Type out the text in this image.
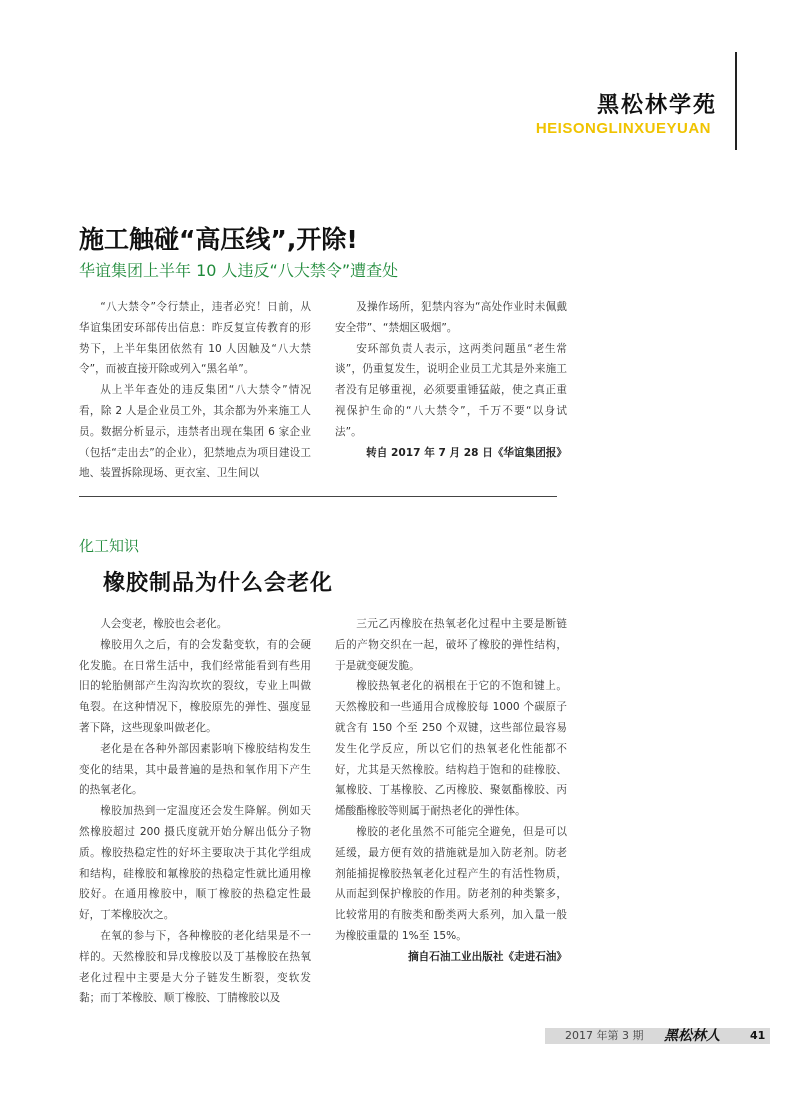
黑松林学苑
HEISONGLINXUEYUAN
施工触碰“高压线”,开除!
华谊集团上半年 10 人违反“八大禁令”遭查处

“八大禁令”令行禁止，违者必究！日前，从华谊集团安环部传出信息：昨反复宣传教育的形势下，上半年集团依然有 10 人因触及“八大禁令”，而被直接开除或列入“黑名单”。

从上半年查处的违反集团“八大禁令”情况看，除 2 人是企业员工外，其余都为外来施工人员。数据分析显示，违禁者出现在集团 6 家企业（包括“走出去”的企业），犯禁地点为项目建设工地、装置拆除现场、更衣室、卫生间以

及操作场所，犯禁内容为“高处作业时未佩戴安全带”、“禁烟区吸烟”。

安环部负责人表示，这两类问题虽“老生常谈”，仍重复发生，说明企业员工尤其是外来施工者没有足够重视，必须要重锤猛敲，使之真正重视保护生命的“八大禁令”，千万不要“以身试法”。

转自 2017 年 7 月 28 日《华谊集团报》

化工知识
橡胶制品为什么会老化

人会变老，橡胶也会老化。

橡胶用久之后，有的会发黏变软，有的会硬化发脆。在日常生活中，我们经常能看到有些用旧的轮胎侧部产生沟沟坎坎的裂纹，专业上叫做龟裂。在这种情况下，橡胶原先的弹性、强度显著下降，这些现象叫做老化。

老化是在各种外部因素影响下橡胶结构发生变化的结果，其中最普遍的是热和氧作用下产生的热氧老化。

橡胶加热到一定温度还会发生降解。例如天然橡胶超过 200 摄氏度就开始分解出低分子物质。橡胶热稳定性的好坏主要取决于其化学组成和结构，硅橡胶和氟橡胶的热稳定性就比通用橡胶好。在通用橡胶中，顺丁橡胶的热稳定性最好，丁苯橡胶次之。

在氧的参与下，各种橡胶的老化结果是不一样的。天然橡胶和异戊橡胶以及丁基橡胶在热氧老化过程中主要是大分子链发生断裂，变软发黏；而丁苯橡胶、顺丁橡胶、丁腈橡胶以及

三元乙丙橡胶在热氧老化过程中主要是断链后的产物交织在一起，破坏了橡胶的弹性结构，于是就变硬发脆。

橡胶热氧老化的祸根在于它的不饱和键上。天然橡胶和一些通用合成橡胶每 1000 个碳原子就含有 150 个至 250 个双键，这些部位最容易发生化学反应，所以它们的热氧老化性能都不好，尤其是天然橡胶。结构趋于饱和的硅橡胶、氟橡胶、丁基橡胶、乙丙橡胶、聚氨酯橡胶、丙烯酸酯橡胶等则属于耐热老化的弹性体。

橡胶的老化虽然不可能完全避免，但是可以延缓，最方便有效的措施就是加入防老剂。防老剂能捕捉橡胶热氧老化过程产生的有活性物质，从而起到保护橡胶的作用。防老剂的种类繁多，比较常用的有胺类和酚类两大系列，加入量一般为橡胶重量的 1%至 15%。

摘自石油工业出版社《走进石油》

2017 年第 3 期 黑松林人	41
